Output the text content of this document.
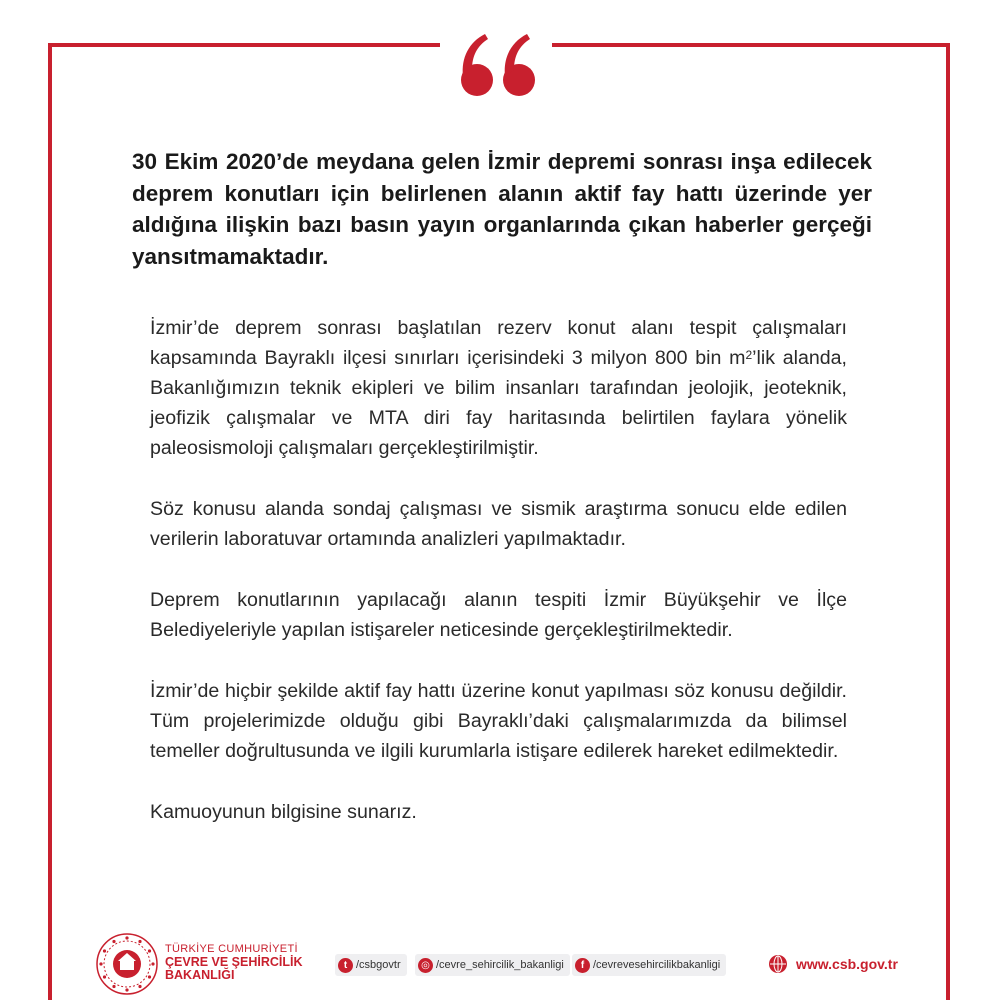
30 Ekim 2020’de meydana gelen İzmir depremi sonrası inşa edilecek deprem konutları için belirlenen alanın aktif fay hattı üzerinde yer aldığına ilişkin bazı basın yayın organlarında çıkan haberler gerçeği yansıtmamaktadır.

İzmir’de deprem sonrası başlatılan rezerv konut alanı tespit çalışmaları kapsamında Bayraklı ilçesi sınırları içerisindeki 3 milyon 800 bin $m^2’lik$ alanda, Bakanlığımızın teknik ekipleri ve bilim insanları tarafından jeolojik, jeoteknik, jeofizik çalışmalar ve MTA diri fay haritasında belirtilen faylara yönelik paleosismoloji çalışmaları gerçekleştirilmiştir.

Söz konusu alanda sondaj çalışması ve sismik araştırma sonucu elde edilen verilerin laboratuvar ortamında analizleri yapılmaktadır.

Deprem konutlarının yapılacağı alanın tespiti İzmir Büyükşehir ve İlçe Belediyeleriyle yapılan istişareler neticesinde gerçekleştirilmektedir.

İzmir’de hiçbir şekilde aktif fay hattı üzerine konut yapılması söz konusu değildir. Tüm projelerimizde olduğu gibi Bayraklı’daki çalışmalarımızda da bilimsel temeller doğrultusunda ve ilgili kurumlarla istişare edilerek hareket edilmektedir.

Kamuoyunun bilgisine sunarız.

TÜRKİYE CUMHURİYETİ
ÇEVRE VE ŞEHİRCİLİK
BAKANLIĞI
t /csbgovtr	◎ /cevre_sehircilik_bakanligi	f /cevrevesehircilikbakanligi	www.csb.gov.tr
